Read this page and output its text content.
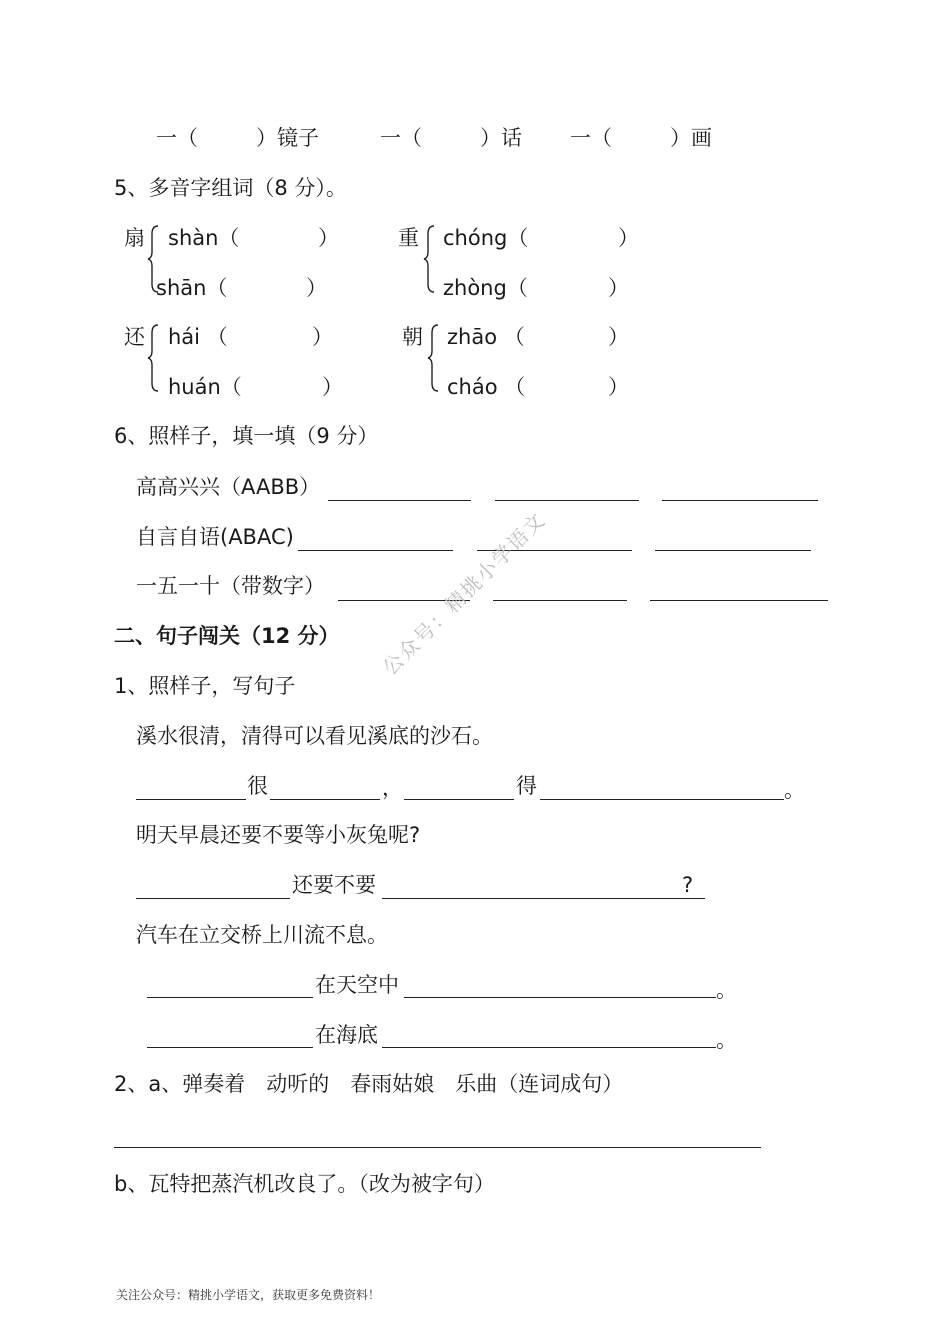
一（	）镜子	一（	）话 一（	）画
5、多音字组词（8 分）。
扇 shàn（	）
shān（	）
重 chóng（	）
zhòng（	）
还 hái （	）
huán（	）
朝 zhāo （	）
cháo （	）
6、照样子，填一填（9 分）
高高兴兴（AABB）
自言自语(ABAC)
一五一十（带数字）
二、句子闯关（12 分）
1、照样子，写句子
溪水很清，清得可以看见溪底的沙石。
很	，	得	。
明天早晨还要不要等小灰兔呢?
还要不要	?
汽车在立交桥上川流不息。
在天空中	。
在海底	。
2、a、弹奏着　动听的　春雨姑娘　乐曲（连词成句）
b、瓦特把蒸汽机改良了。（改为被字句）
公众号：精挑小学语文
关注公众号：精挑小学语文，获取更多免费资料！
